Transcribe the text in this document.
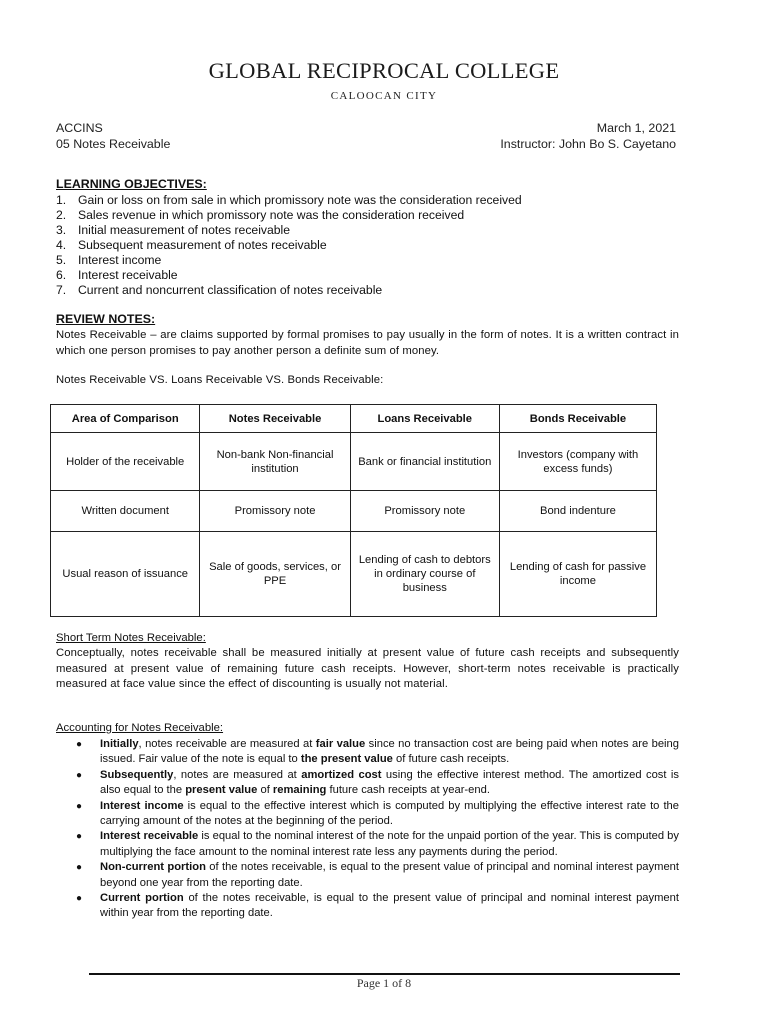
GLOBAL RECIPROCAL COLLEGE
CALOOCAN CITY
ACCINS
05 Notes Receivable
March 1, 2021
Instructor: John Bo S. Cayetano
LEARNING OBJECTIVES:
1. Gain or loss on from sale in which promissory note was the consideration received
2. Sales revenue in which promissory note was the consideration received
3. Initial measurement of notes receivable
4. Subsequent measurement of notes receivable
5. Interest income
6. Interest receivable
7. Current and noncurrent classification of notes receivable
REVIEW NOTES:
Notes Receivable – are claims supported by formal promises to pay usually in the form of notes. It is a written contract in which one person promises to pay another person a definite sum of money.
Notes Receivable VS. Loans Receivable VS. Bonds Receivable:
Area of Comparison	Notes Receivable	Loans Receivable	Bonds Receivable
Holder of the receivable	Non-bank Non-financial institution	Bank or financial institution	Investors (company with excess funds)
Written document	Promissory note	Promissory note	Bond indenture
Usual reason of issuance	Sale of goods, services, or PPE	Lending of cash to debtors in ordinary course of business	Lending of cash for passive income
Short Term Notes Receivable:
Conceptually, notes receivable shall be measured initially at present value of future cash receipts and subsequently measured at present value of remaining future cash receipts. However, short-term notes receivable is practically measured at face value since the effect of discounting is usually not material.
Accounting for Notes Receivable:
● Initially, notes receivable are measured at fair value since no transaction cost are being paid when notes are being issued. Fair value of the note is equal to the present value of future cash receipts.
● Subsequently, notes are measured at amortized cost using the effective interest method. The amortized cost is also equal to the present value of remaining future cash receipts at year-end.
● Interest income is equal to the effective interest which is computed by multiplying the effective interest rate to the carrying amount of the notes at the beginning of the period.
● Interest receivable is equal to the nominal interest of the note for the unpaid portion of the year. This is computed by multiplying the face amount to the nominal interest rate less any payments during the period.
● Non-current portion of the notes receivable, is equal to the present value of principal and nominal interest payment beyond one year from the reporting date.
● Current portion of the notes receivable, is equal to the present value of principal and nominal interest payment within year from the reporting date.
Page 1 of 8
